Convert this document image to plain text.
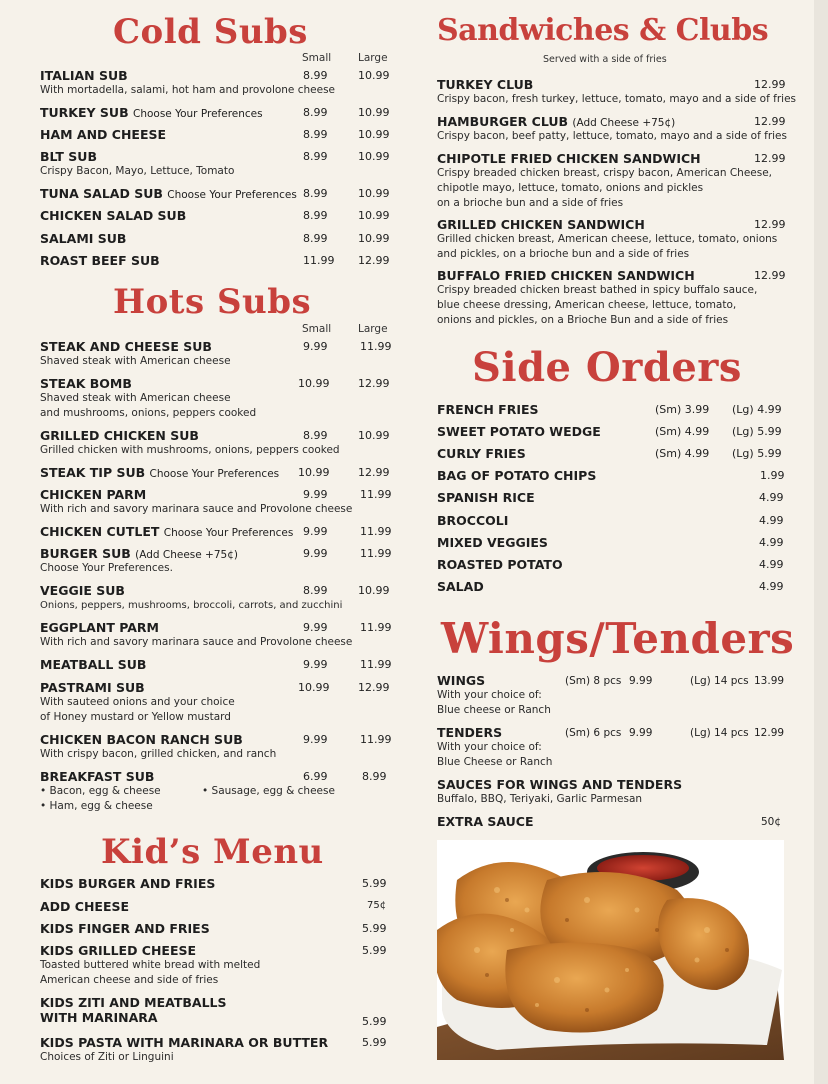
Cold Subs
Small	Large
ITALIAN SUB
With mortadella, salami, hot ham and provolone cheese
8.99	10.99
TURKEY SUB Choose Your Preferences	8.99	10.99
HAM AND CHEESE	8.99	10.99
BLT SUB
Crispy Bacon, Mayo, Lettuce, Tomato
8.99	10.99
TUNA SALAD SUB Choose Your Preferences 8.99	10.99
CHICKEN SALAD SUB	8.99	10.99
SALAMI SUB	8.99	10.99
ROAST BEEF SUB	11.99 12.99
Hots Subs
Small	Large
STEAK AND CHEESE SUB
Shaved steak with American cheese
9.99	11.99
STEAK BOMB
Shaved steak with American cheese
and mushrooms, onions, peppers cooked
10.99	12.99
GRILLED CHICKEN SUB
Grilled chicken with mushrooms, onions, peppers cooked
8.99	10.99
STEAK TIP SUB Choose Your Preferences	10.99	12.99
CHICKEN PARM
With rich and savory marinara sauce and Provolone cheese
9.99	11.99
CHICKEN CUTLET Choose Your Preferences 9.99	11.99
BURGER SUB (Add Cheese +75¢)
Choose Your Preferences.
9.99	11.99
VEGGIE SUB
Onions, peppers, mushrooms, broccoli, carrots, and zucchini
8.99	10.99
EGGPLANT PARM
With rich and savory marinara sauce and Provolone cheese
9.99	11.99
MEATBALL SUB	9.99	11.99
PASTRAMI SUB
With sauteed onions and your choice
of Honey mustard or Yellow mustard
10.99	12.99
CHICKEN BACON RANCH SUB
With crispy bacon, grilled chicken, and ranch
9.99	11.99
BREAKFAST SUB
• Bacon, egg & cheese	• Sausage, egg & cheese
• Ham, egg & cheese
6.99	8.99
Kid’s Menu
KIDS BURGER AND FRIES	5.99
ADD CHEESE	75¢
KIDS FINGER AND FRIES	5.99
KIDS GRILLED CHEESE
Toasted buttered white bread with melted
American cheese and side of fries
5.99
KIDS ZITI AND MEATBALLS
WITH MARINARA	5.99
KIDS PASTA WITH MARINARA OR BUTTER
Choices of Ziti or Linguini
5.99
Sandwiches & Clubs
Served with a side of fries
TURKEY CLUB
Crispy bacon, fresh turkey, lettuce, tomato, mayo and a side of fries
12.99
HAMBURGER CLUB (Add Cheese +75¢)
Crispy bacon, beef patty, lettuce, tomato, mayo and a side of fries
12.99
CHIPOTLE FRIED CHICKEN SANDWICH
Crispy breaded chicken breast, crispy bacon, American Cheese,
chipotle mayo, lettuce, tomato, onions and pickles
on a brioche bun and a side of fries
12.99
GRILLED CHICKEN SANDWICH
Grilled chicken breast, American cheese, lettuce, tomato, onions
and pickles, on a brioche bun and a side of fries
12.99
BUFFALO FRIED CHICKEN SANDWICH
Crispy breaded chicken breast bathed in spicy buffalo sauce,
blue cheese dressing, American cheese, lettuce, tomato,
onions and pickles, on a Brioche Bun and a side of fries
12.99
Side Orders
FRENCH FRIES	(Sm) 3.99 (Lg) 4.99
SWEET POTATO WEDGE	(Sm) 4.99 (Lg) 5.99
CURLY FRIES	(Sm) 4.99 (Lg) 5.99
BAG OF POTATO CHIPS	1.99
SPANISH RICE	4.99
BROCCOLI	4.99
MIXED VEGGIES	4.99
ROASTED POTATO	4.99
SALAD	4.99
Wings/Tenders
WINGS
With your choice of:
Blue cheese or Ranch
(Sm) 8 pcs 9.99	(Lg) 14 pcs 13.99
TENDERS
With your choice of:
Blue Cheese or Ranch
(Sm) 6 pcs 9.99	(Lg) 14 pcs 12.99
SAUCES FOR WINGS AND TENDERS
Buffalo, BBQ, Teriyaki, Garlic Parmesan
EXTRA SAUCE	50¢
